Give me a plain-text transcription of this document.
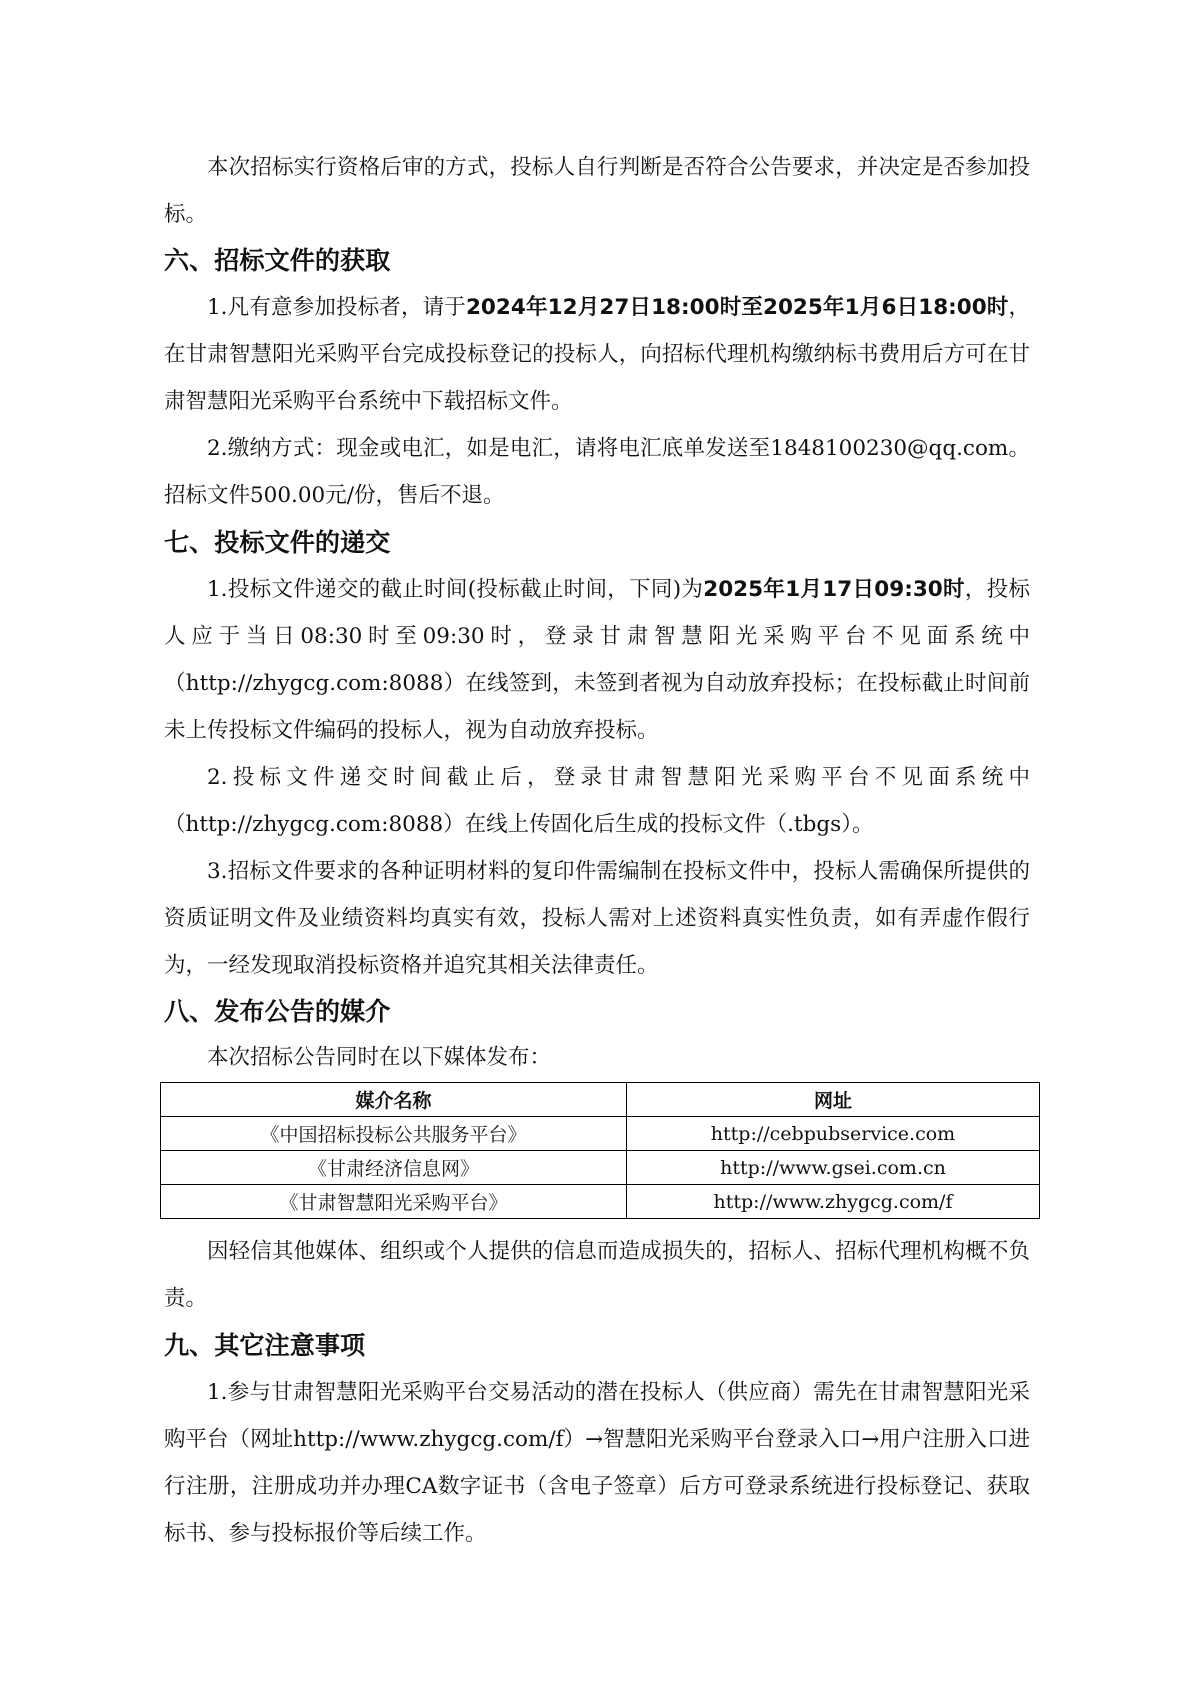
本次招标实行资格后审的方式，投标人自行判断是否符合公告要求，并决定是否参加投标。

六、招标文件的获取

1.凡有意参加投标者，请于2024年12月27日18:00时至2025年1月6日18:00时，在甘肃智慧阳光采购平台完成投标登记的投标人，向招标代理机构缴纳标书费用后方可在甘肃智慧阳光采购平台系统中下载招标文件。

2.缴纳方式：现金或电汇，如是电汇，请将电汇底单发送至1848100230@qq.com。招标文件500.00元/份，售后不退。

七、投标文件的递交

1.投标文件递交的截止时间(投标截止时间，下同)为2025年1月17日09:30时，投标人应于当日08:30时至09:30时，登录甘肃智慧阳光采购平台不见面系统中（http://zhygcg.com:8088）在线签到，未签到者视为自动放弃投标；在投标截止时间前未上传投标文件编码的投标人，视为自动放弃投标。

2.投标文件递交时间截止后，登录甘肃智慧阳光采购平台不见面系统中（http://zhygcg.com:8088）在线上传固化后生成的投标文件（.tbgs）。

3.招标文件要求的各种证明材料的复印件需编制在投标文件中，投标人需确保所提供的资质证明文件及业绩资料均真实有效，投标人需对上述资料真实性负责，如有弄虚作假行为，一经发现取消投标资格并追究其相关法律责任。

八、发布公告的媒介

本次招标公告同时在以下媒体发布：

媒介名称	网址
《中国招标投标公共服务平台》	http://cebpubservice.com
《甘肃经济信息网》	http://www.gsei.com.cn
《甘肃智慧阳光采购平台》	http://www.zhygcg.com/f

因轻信其他媒体、组织或个人提供的信息而造成损失的，招标人、招标代理机构概不负责。

九、其它注意事项

1.参与甘肃智慧阳光采购平台交易活动的潜在投标人（供应商）需先在甘肃智慧阳光采购平台（网址http://www.zhygcg.com/f）→智慧阳光采购平台登录入口→用户注册入口进行注册，注册成功并办理CA数字证书（含电子签章）后方可登录系统进行投标登记、获取标书、参与投标报价等后续工作。
